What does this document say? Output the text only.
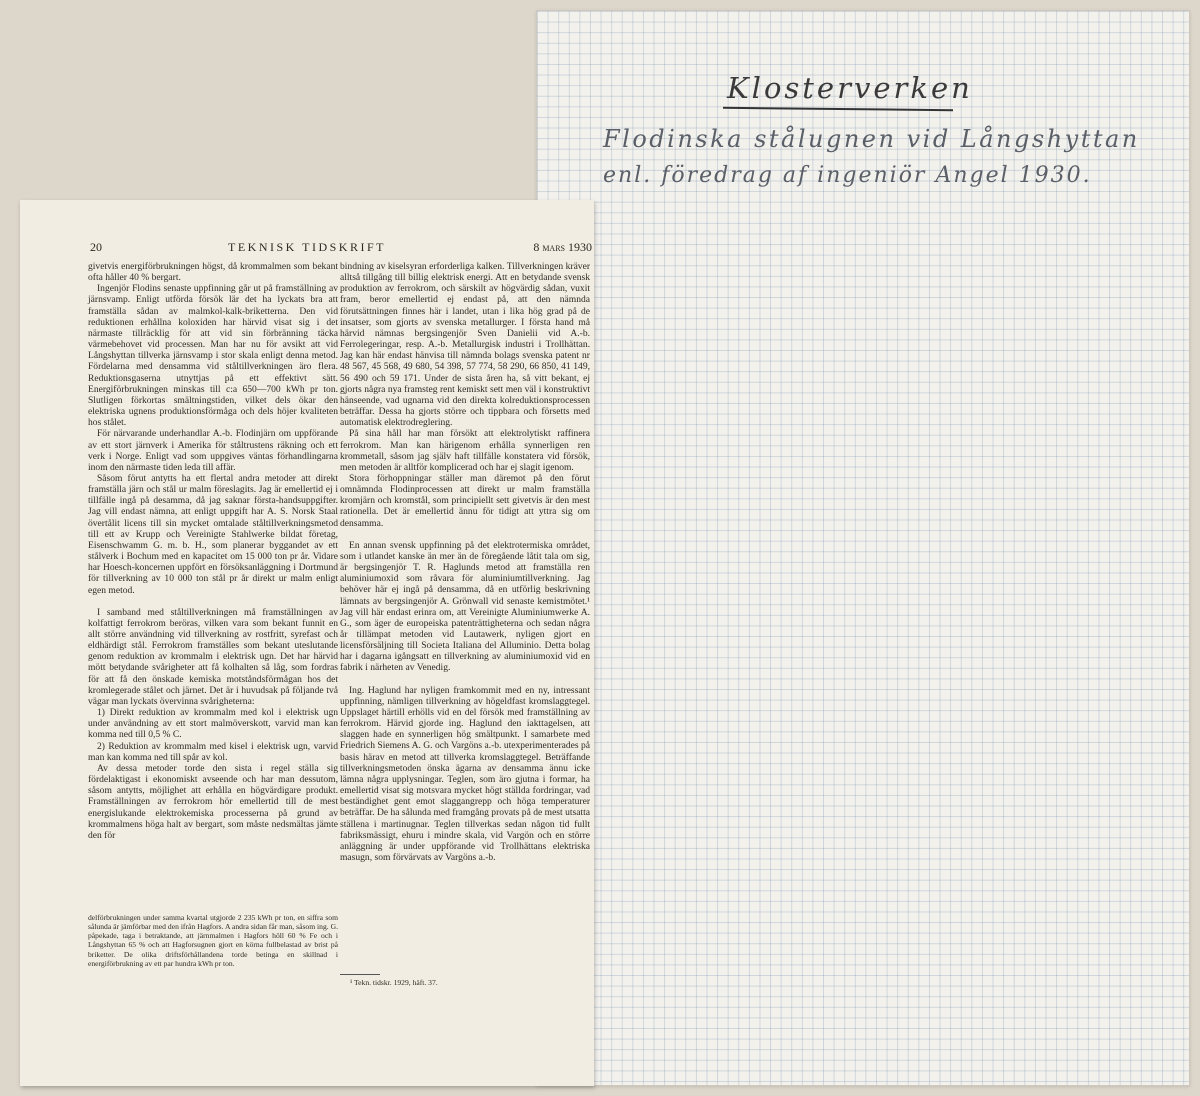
Klosterverken
Flodinska stålugnen vid Långshyttan
enl. föredrag af ingeniör Angel 1930.
20	TEKNISK TIDSKRIFT	8 mars 1930

givetvis energiförbrukningen högst, då krommalmen som bekant ofta håller 40 % bergart.

Ingenjör Flodins senaste uppfinning går ut på framställning av järnsvamp. Enligt utförda försök lär det ha lyckats bra att framställa sådan av malmkol-kalk-briketterna. Den vid reduktionen erhållna koloxiden har härvid visat sig i det närmaste tillräcklig för att vid sin förbränning täcka värmebehovet vid processen. Man har nu för avsikt att vid Långshyttan tillverka järnsvamp i stor skala enligt denna metod. Fördelarna med densamma vid ståltillverkningen äro flera. Reduktionsgaserna utnyttjas på ett effektivt sätt. Energiförbrukningen minskas till c:a 650—700 kWh pr ton. Slutligen förkortas smältningstiden, vilket dels ökar den elektriska ugnens produktionsförmåga och dels höjer kvaliteten hos stålet.

För närvarande underhandlar A.-b. Flodinjärn om uppförande av ett stort järnverk i Amerika för ståltrustens räkning och ett verk i Norge. Enligt vad som uppgives väntas förhandlingarna inom den närmaste tiden leda till affär.

Såsom förut antytts ha ett flertal andra metoder att direkt framställa järn och stål ur malm föreslagits. Jag är emellertid ej i tillfälle ingå på desamma, då jag saknar första-handsuppgifter. Jag vill endast nämna, att enligt uppgift har A. S. Norsk Staal övertålit licens till sin mycket omtalade ståltillverkningsmetod till ett av Krupp och Vereinigte Stahlwerke bildat företag, Eisenschwamm G. m. b. H., som planerar byggandet av ett stålverk i Bochum med en kapacitet om 15 000 ton pr år. Vidare har Hoesch-koncernen uppfört en försöksanläggning i Dortmund för tillverkning av 10 000 ton stål pr år direkt ur malm enligt egen metod.

I samband med ståltillverkningen må framställningen av kolfattigt ferrokrom beröras, vilken vara som bekant funnit en allt större användning vid tillverkning av rostfritt, syrefast och eldhärdigt stål. Ferrokrom framställes som bekant uteslutande genom reduktion av krommalm i elektrisk ugn. Det har härvid mött betydande svårigheter att få kolhalten så låg, som fordras för att få den önskade kemiska motståndsförmågan hos det kromlegerade stålet och järnet. Det är i huvudsak på följande två vägar man lyckats övervinna svårigheterna:

1) Direkt reduktion av krommalm med kol i elektrisk ugn under användning av ett stort malmöverskott, varvid man kan komma ned till 0,5 % C.

2) Reduktion av krommalm med kisel i elektrisk ugn, varvid man kan komma ned till spår av kol.

Av dessa metoder torde den sista i regel ställa sig fördelaktigast i ekonomiskt avseende och har man dessutom, såsom antytts, möjlighet att erhålla en högvärdigare produkt. Framställningen av ferrokrom hör emellertid till de mest energislukande elektrokemiska processerna på grund av krommalmens höga halt av bergart, som måste nedsmältas jämte den för

delförbrukningen under samma kvartal utgjorde 2 235 kWh pr ton, en siffra som sålunda är jämförbar med den ifrån Hagfors. A andra sidan får man, såsom ing. G. påpekade, taga i betraktande, att järnmalmen i Hagfors höll 60 % Fe och i Långshyttan 65 % och att Hagforsugnen gjort en körna fullbelastad av brist på briketter. De olika driftsförhållandena torde betinga en skillnad i energiförbrukning av ett par hundra kWh pr ton.

bindning av kiselsyran erforderliga kalken. Tillverkningen kräver alltså tillgång till billig elektrisk energi. Att en betydande svensk produktion av ferrokrom, och särskilt av högvärdig sådan, vuxit fram, beror emellertid ej endast på, att den nämnda förutsättningen finnes här i landet, utan i lika hög grad på de insatser, som gjorts av svenska metallurger. I första hand må härvid nämnas bergsingenjör Sven Danielii vid A.-b. Ferrolegeringar, resp. A.-b. Metallurgisk industri i Trollhättan. Jag kan här endast hänvisa till nämnda bolags svenska patent nr 48 567, 45 568, 49 680, 54 398, 57 774, 58 290, 66 850, 41 149, 56 490 och 59 171. Under de sista åren ha, så vitt bekant, ej gjorts några nya framsteg rent kemiskt sett men väl i konstruktivt hänseende, vad ugnarna vid den direkta kolreduktionsprocessen beträffar. Dessa ha gjorts större och tippbara och försetts med automatisk elektrodreglering.

På sina håll har man försökt att elektrolytiskt raffinera ferrokrom. Man kan härigenom erhålla synnerligen ren krommetall, såsom jag själv haft tillfälle konstatera vid försök, men metoden är alltför komplicerad och har ej slagit igenom.

Stora förhoppningar ställer man däremot på den förut omnämnda Flodinprocessen att direkt ur malm framställa kromjärn och kromstål, som principiellt sett givetvis är den mest rationella. Det är emellertid ännu för tidigt att yttra sig om densamma.

En annan svensk uppfinning på det elektrotermiska området, som i utlandet kanske än mer än de föregående låtit tala om sig, är bergsingenjör T. R. Haglunds metod att framställa ren aluminiumoxid som råvara för aluminiumtillverkning. Jag behöver här ej ingå på densamma, då en utförlig beskrivning lämnats av bergsingenjör A. Grönwall vid senaste kemistmötet.¹ Jag vill här endast erinra om, att Vereinigte Aluminiumwerke A. G., som äger de europeiska patenträttigheterna och sedan några år tillämpat metoden vid Lautawerk, nyligen gjort en licensförsäljning till Societa Italiana del Alluminio. Detta bolag har i dagarna igångsatt en tillverkning av aluminiumoxid vid en fabrik i närheten av Venedig.

Ing. Haglund har nyligen framkommit med en ny, intressant uppfinning, nämligen tillverkning av högeldfast kromslaggtegel. Uppslaget härtill erhölls vid en del försök med framställning av ferrokrom. Härvid gjorde ing. Haglund den iakttagelsen, att slaggen hade en synnerligen hög smältpunkt. I samarbete med Friedrich Siemens A. G. och Vargöns a.-b. utexperimenterades på basis härav en metod att tillverka kromslaggtegel. Beträffande tillverkningsmetoden önska ägarna av densamma ännu icke lämna några upplysningar. Teglen, som äro gjutna i formar, ha emellertid visat sig motsvara mycket högt ställda fordringar, vad beständighet gent emot slaggangrepp och höga temperaturer beträffar. De ha sålunda med framgång provats på de mest utsatta ställena i martinugnar. Teglen tillverkas sedan någon tid fullt fabriksmässigt, ehuru i mindre skala, vid Vargön och en större anläggning är under uppförande vid Trollhättans elektriska masugn, som förvärvats av Vargöns a.-b.

¹ Tekn. tidskr. 1929, häft. 37.
